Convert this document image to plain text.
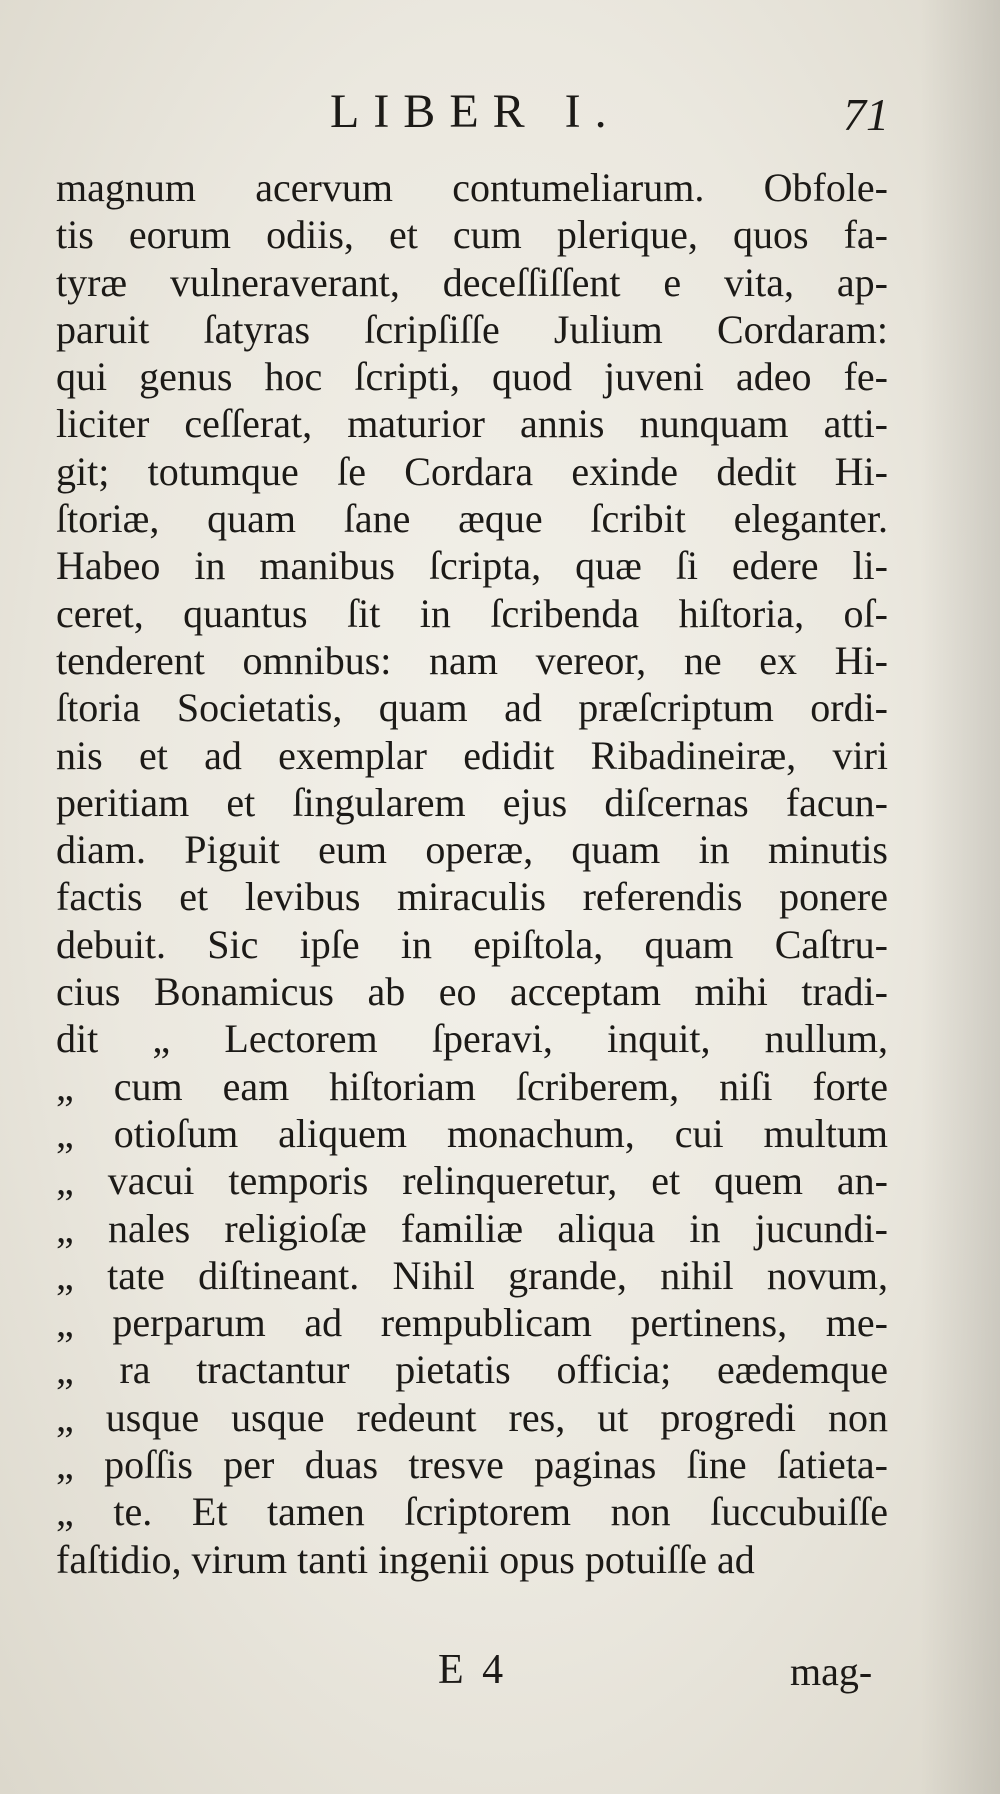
LIBER I.	71
magnum acervum contumeliarum. Obfole-
tis eorum odiis, et cum plerique, quos fa-
tyræ vulneraverant, deceſſiſſent e vita, ap-
paruit ſatyras ſcripſiſſe Julium Cordaram:
qui genus hoc ſcripti, quod juveni adeo fe-
liciter ceſſerat, maturior annis nunquam atti-
git; totumque ſe Cordara exinde dedit Hi-
ſtoriæ, quam ſane æque ſcribit eleganter.
Habeo in manibus ſcripta, quæ ſi edere li-
ceret, quantus ſit in ſcribenda hiſtoria, oſ-
tenderent omnibus: nam vereor, ne ex Hi-
ſtoria Societatis, quam ad præſcriptum ordi-
nis et ad exemplar edidit Ribadineiræ, viri
peritiam et ſingularem ejus diſcernas facun-
diam. Piguit eum operæ, quam in minutis
factis et levibus miraculis referendis ponere
debuit. Sic ipſe in epiſtola, quam Caſtru-
cius Bonamicus ab eo acceptam mihi tradi-
dit „ Lectorem ſperavi, inquit, nullum,
„ cum eam hiſtoriam ſcriberem, niſi forte
„ otioſum aliquem monachum, cui multum
„ vacui temporis relinqueretur, et quem an-
„ nales religioſæ familiæ aliqua in jucundi-
„ tate diſtineant. Nihil grande, nihil novum,
„ perparum ad rempublicam pertinens, me-
„ ra tractantur pietatis officia; eædemque
„ usque usque redeunt res, ut progredi non
„ poſſis per duas tresve paginas ſine ſatieta-
„ te. Et tamen ſcriptorem non ſuccubuiſſe
faſtidio, virum tanti ingenii opus potuiſſe ad
E 4	mag-
